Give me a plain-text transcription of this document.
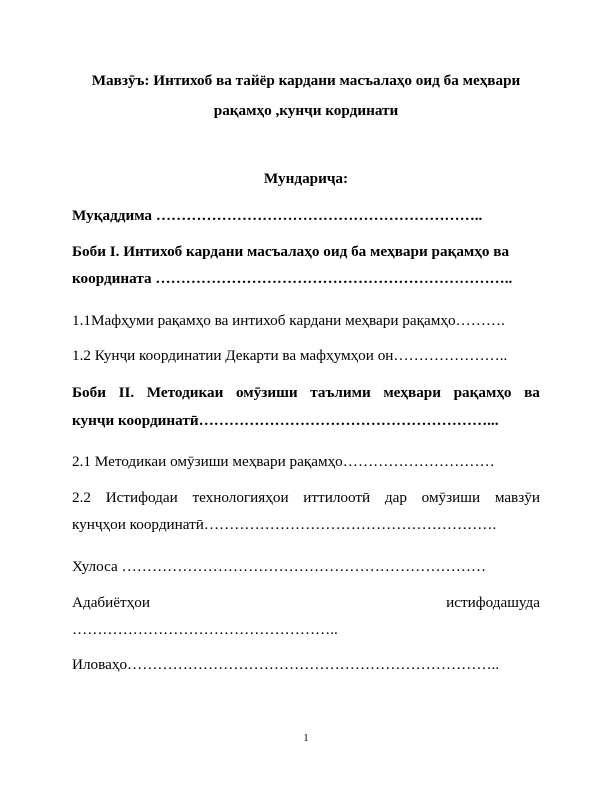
Мавзӯъ: Интихоб ва тайёр кардани масъалаҳо оид ба меҳвари
рақамҳо ,кунҷи кординати
Мундариҷа:
Муқаддима ………………………………………………………..
Боби I. Интихоб кардани масъалаҳо оид ба меҳвари рақамҳо ва
координата ……………………………………………………………..
1.1Мафҳуми рақамҳо ва интихоб кардани меҳвари рақамҳо……….
1.2 Кунҷи координатии Декарти ва мафҳумҳои он…………………..
Боби II. Методикаи омӯзиши таълими меҳвари рақамҳо ва
кунҷи координатӣ…………………………………………………...
2.1 Методикаи омӯзиши меҳвари рақамҳо…………………………
2.2 Истифодаи технологияҳои иттилоотӣ дар омӯзиши мавзӯи
кунҷҳои координатӣ………………………………………………….
Хулоса ………………………………………………………………
Адабиётҳои	истифодашуда
……………………………………………..
Иловаҳо………………………………………………………………..
1
